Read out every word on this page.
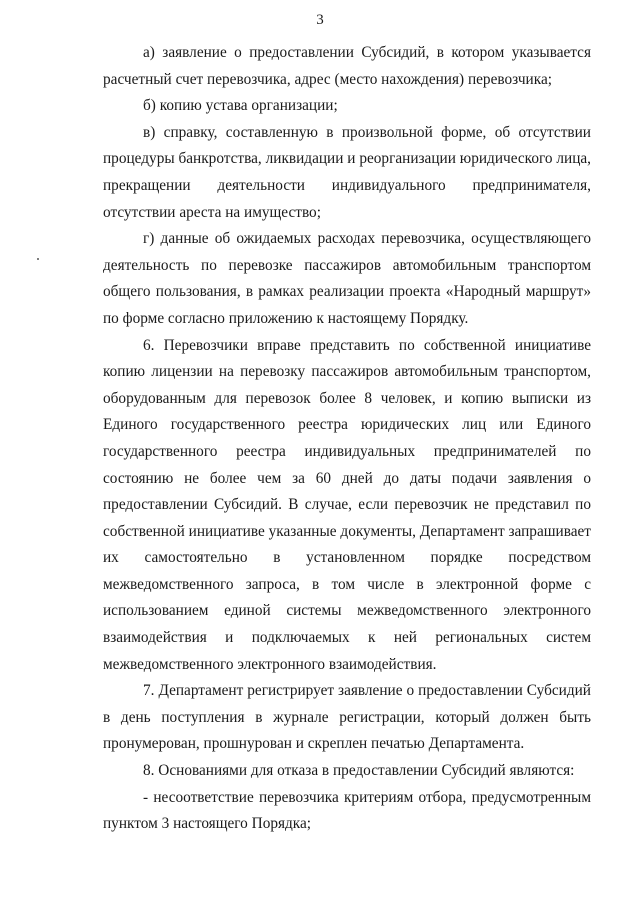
3

а) заявление о предоставлении Субсидий, в котором указывается расчетный счет перевозчика, адрес (место нахождения) перевозчика;

б) копию устава организации;

в) справку, составленную в произвольной форме, об отсутствии процедуры банкротства, ликвидации и реорганизации юридического лица, прекращении деятельности индивидуального предпринимателя, отсутствии ареста на имущество;

г) данные об ожидаемых расходах перевозчика, осуществляющего деятельность по перевозке пассажиров автомобильным транспортом общего пользования, в рамках реализации проекта «Народный маршрут» по форме согласно приложению к настоящему Порядку.

6. Перевозчики вправе представить по собственной инициативе копию лицензии на перевозку пассажиров автомобильным транспортом, оборудованным для перевозок более 8 человек, и копию выписки из Единого государственного реестра юридических лиц или Единого государственного реестра индивидуальных предпринимателей по состоянию не более чем за 60 дней до даты подачи заявления о предоставлении Субсидий. В случае, если перевозчик не представил по собственной инициативе указанные документы, Департамент запрашивает их самостоятельно в установленном порядке посредством межведомственного запроса, в том числе в электронной форме с использованием единой системы межведомственного электронного взаимодействия и подключаемых к ней региональных систем межведомственного электронного взаимодействия.

7. Департамент регистрирует заявление о предоставлении Субсидий в день поступления в журнале регистрации, который должен быть пронумерован, прошнурован и скреплен печатью Департамента.

8. Основаниями для отказа в предоставлении Субсидий являются:

- несоответствие перевозчика критериям отбора, предусмотренным пунктом 3 настоящего Порядка;
